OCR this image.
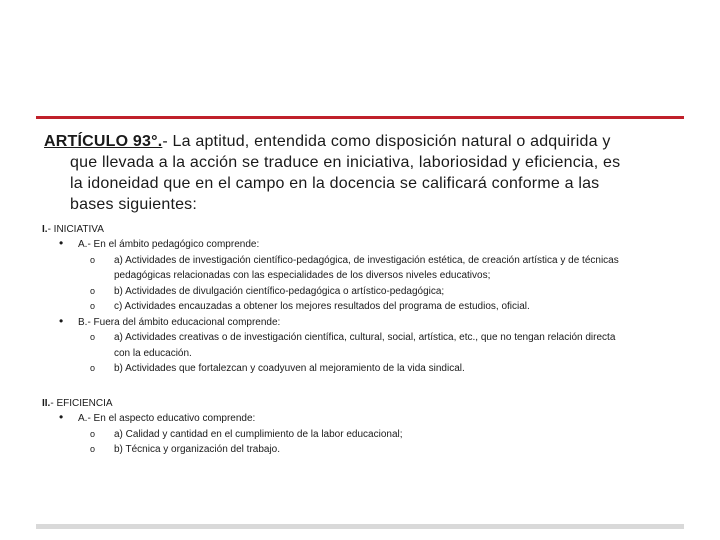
ARTÍCULO 93°.- La aptitud, entendida como disposición natural o adquirida y
que llevada a la acción se traduce en iniciativa, laboriosidad y eficiencia, es
la idoneidad que en el campo en la docencia se calificará conforme a las
bases siguientes:
I.- INICIATIVA
• A.- En el ámbito pedagógico comprende:
o a) Actividades de investigación científico-pedagógica, de investigación estética, de creación artística y de técnicas
pedagógicas relacionadas con las especialidades de los diversos niveles educativos;
o b) Actividades de divulgación científico-pedagógica o artístico-pedagógica;
o c) Actividades encauzadas a obtener los mejores resultados del programa de estudios, oficial.
• B.- Fuera del ámbito educacional comprende:
o a) Actividades creativas o de investigación científica, cultural, social, artística, etc., que no tengan relación directa
con la educación.
o b) Actividades que fortalezcan y coadyuven al mejoramiento de la vida sindical.
II.- EFICIENCIA
• A.- En el aspecto educativo comprende:
o a) Calidad y cantidad en el cumplimiento de la labor educacional;
o b) Técnica y organización del trabajo.
